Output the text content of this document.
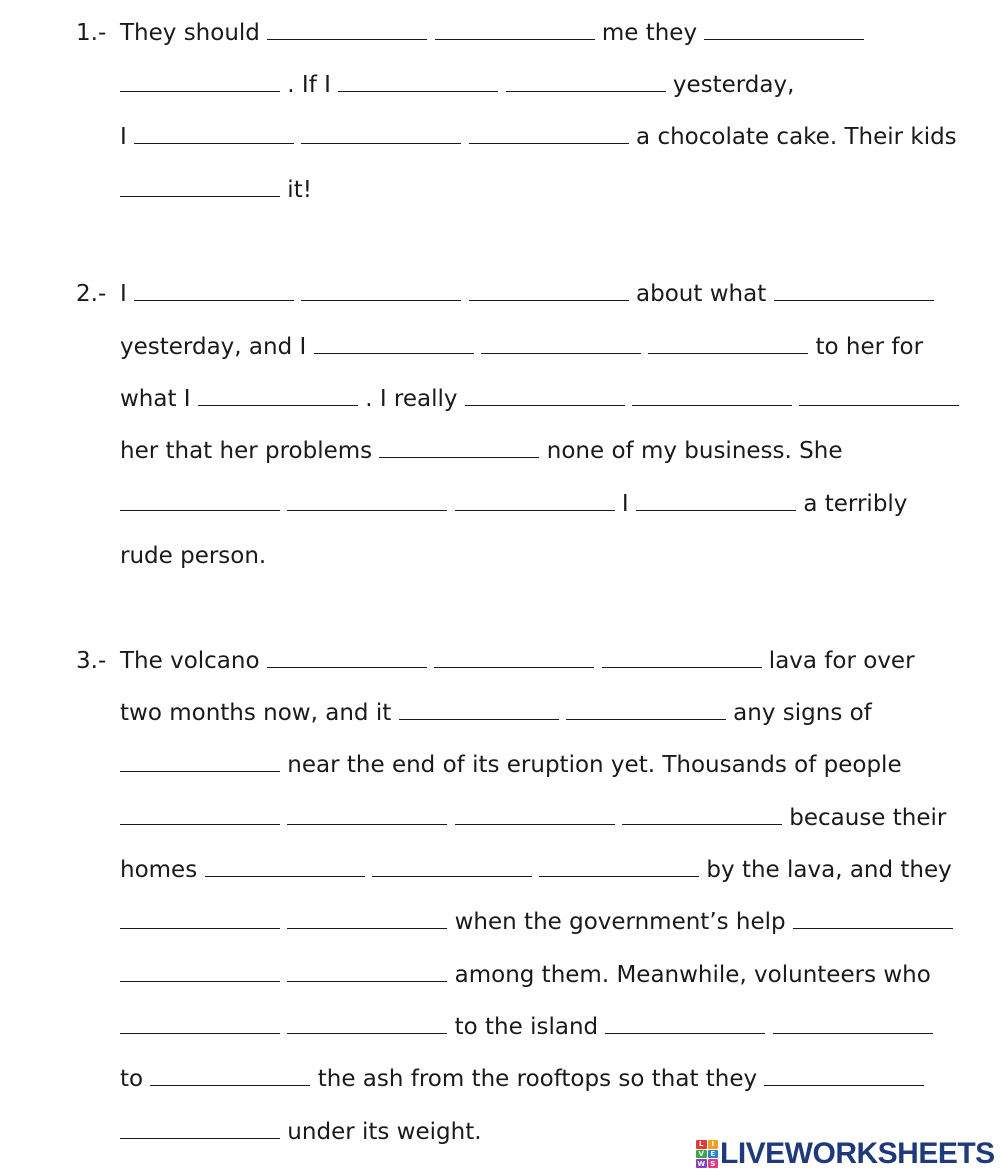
1.- They should	me they
. If I	yesterday,
I	a chocolate cake. Their kids
it!
2.- I	about what
yesterday, and I	to her for
what I	. I really
her that her problems	none of my business. She
I	a terribly
rude person.
3.- The volcano	lava for over
two months now, and it	any signs of
near the end of its eruption yet. Thousands of people
because their
homes	by the lava, and they
when the government’s help
among them. Meanwhile, volunteers who
to the island
to	the ash from the rooftops so that they
under its weight.	L	I
V E
W S LIVEWORKSHEETS
